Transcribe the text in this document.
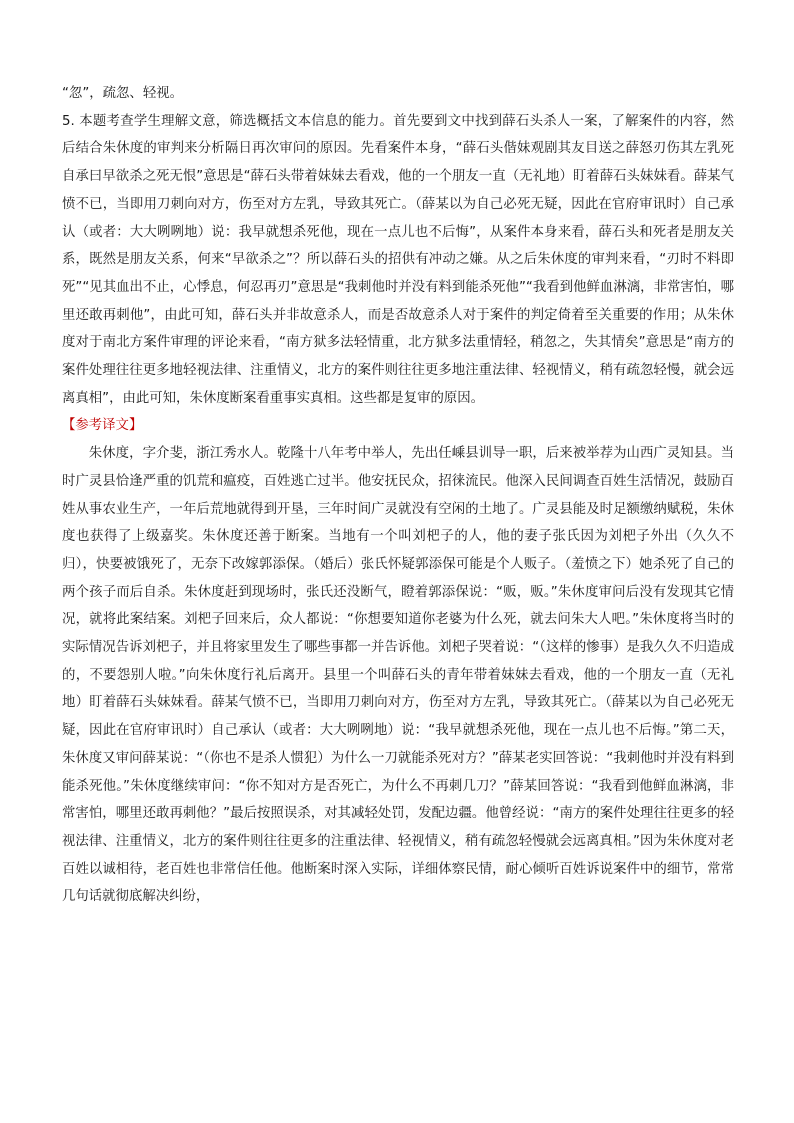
“忽”，疏忽、轻视。

5. 本题考查学生理解文意，筛选概括文本信息的能力。首先要到文中找到薛石头杀人一案，了解案件的内容，然后结合朱休度的审判来分析隔日再次审问的原因。先看案件本身，“薛石头偕妹观剧其友目送之薛怒刃伤其左乳死自承曰早欲杀之死无恨”意思是“薛石头带着妹妹去看戏，他的一个朋友一直（无礼地）盯着薛石头妹妹看。薛某气愤不已，当即用刀刺向对方，伤至对方左乳，导致其死亡。（薛某以为自己必死无疑，因此在官府审讯时）自己承认（或者：大大咧咧地）说：我早就想杀死他，现在一点儿也不后悔”，从案件本身来看，薛石头和死者是朋友关系，既然是朋友关系，何来“早欲杀之”？所以薛石头的招供有冲动之嫌。从之后朱休度的审判来看，“刃时不料即死”“见其血出不止，心悸息，何忍再刃”意思是“我刺他时并没有料到能杀死他”“我看到他鲜血淋漓，非常害怕，哪里还敢再刺他”，由此可知，薛石头并非故意杀人，而是否故意杀人对于案件的判定倚着至关重要的作用；从朱休度对于南北方案件审理的评论来看，“南方狱多法轻情重，北方狱多法重情轻，稍忽之，失其情矣”意思是“南方的案件处理往往更多地轻视法律、注重情义，北方的案件则往往更多地注重法律、轻视情义，稍有疏忽轻慢，就会远离真相”，由此可知，朱休度断案看重事实真相。这些都是复审的原因。

【参考译文】

朱休度，字介斐，浙江秀水人。乾隆十八年考中举人，先出任嵊县训导一职，后来被举荐为山西广灵知县。当时广灵县恰逢严重的饥荒和瘟疫，百姓逃亡过半。他安抚民众，招徕流民。他深入民间调查百姓生活情况，鼓励百姓从事农业生产，一年后荒地就得到开垦，三年时间广灵就没有空闲的土地了。广灵县能及时足额缴纳赋税，朱休度也获得了上级嘉奖。朱休度还善于断案。当地有一个叫刘杷子的人，他的妻子张氏因为刘杷子外出（久久不归），快要被饿死了，无奈下改嫁郭添保。（婚后）张氏怀疑郭添保可能是个人贩子。（羞愤之下）她杀死了自己的两个孩子而后自杀。朱休度赶到现场时，张氏还没断气，瞪着郭添保说：“贩，贩。”朱休度审问后没有发现其它情况，就将此案结案。刘杷子回来后，众人都说：“你想要知道你老婆为什么死，就去问朱大人吧。”朱休度将当时的实际情况告诉刘杷子，并且将家里发生了哪些事都一并告诉他。刘杷子哭着说：“（这样的惨事）是我久久不归造成的，不要怨别人啦。”向朱休度行礼后离开。县里一个叫薛石头的青年带着妹妹去看戏，他的一个朋友一直（无礼地）盯着薛石头妹妹看。薛某气愤不已，当即用刀刺向对方，伤至对方左乳，导致其死亡。（薛某以为自己必死无疑，因此在官府审讯时）自己承认（或者：大大咧咧地）说：“我早就想杀死他，现在一点儿也不后悔。”第二天，朱休度又审问薛某说：“（你也不是杀人惯犯）为什么一刀就能杀死对方？”薛某老实回答说：“我刺他时并没有料到能杀死他。”朱休度继续审问：“你不知对方是否死亡，为什么不再刺几刀？”薛某回答说：“我看到他鲜血淋漓，非常害怕，哪里还敢再刺他？”最后按照误杀，对其减轻处罚，发配边疆。他曾经说：“南方的案件处理往往更多的轻视法律、注重情义，北方的案件则往往更多的注重法律、轻视情义，稍有疏忽轻慢就会远离真相。”因为朱休度对老百姓以诚相待，老百姓也非常信任他。他断案时深入实际，详细体察民情，耐心倾听百姓诉说案件中的细节，常常几句话就彻底解决纠纷，
